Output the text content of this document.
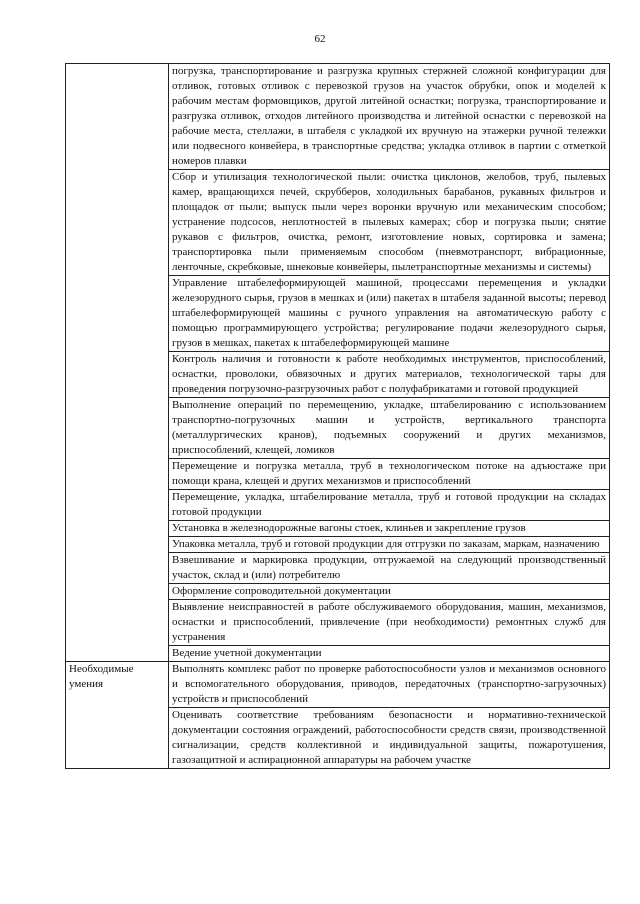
62

	погрузка, транспортирование и разгрузка крупных стержней сложной конфигурации для отливок, готовых отливок с перевозкой грузов на участок обрубки, опок и моделей к рабочим местам формовщиков, другой литейной оснастки; погрузка, транспортирование и разгрузка отливок, отходов литейного производства и литейной оснастки с перевозкой на рабочие места, стеллажи, в штабеля с укладкой их вручную на этажерки ручной тележки или подвесного конвейера, в транспортные средства; укладка отливок в партии с отметкой номеров плавки

	Сбор и утилизация технологической пыли: очистка циклонов, желобов, труб, пылевых камер, вращающихся печей, скрубберов, холодильных барабанов, рукавных фильтров и площадок от пыли; выпуск пыли через воронки вручную или механическим способом; устранение подсосов, неплотностей в пылевых камерах; сбор и погрузка пыли; снятие рукавов с фильтров, очистка, ремонт, изготовление новых, сортировка и замена; транспортировка пыли применяемым способом (пневмотранспорт, вибрационные, ленточные, скребковые, шнековые конвейеры, пылетранспортные механизмы и системы)

	Управление штабелеформирующей машиной, процессами перемещения и укладки железорудного сырья, грузов в мешках и (или) пакетах в штабеля заданной высоты; перевод штабелеформирующей машины с ручного управления на автоматическую работу с помощью программирующего устройства; регулирование подачи железорудного сырья, грузов в мешках, пакетах к штабелеформирующей машине

	Контроль наличия и готовности к работе необходимых инструментов, приспособлений, оснастки, проволоки, обвязочных и других материалов, технологической тары для проведения погрузочно-разгрузочных работ с полуфабрикатами и готовой продукцией

	Выполнение операций по перемещению, укладке, штабелированию с использованием транспортно-погрузочных машин и устройств, вертикального транспорта (металлургических кранов), подъемных сооружений и других механизмов, приспособлений, клещей, ломиков

	Перемещение и погрузка металла, труб в технологическом потоке на адъюстаже при помощи крана, клещей и других механизмов и приспособлений

	Перемещение, укладка, штабелирование металла, труб и готовой продукции на складах готовой продукции

	Установка в железнодорожные вагоны стоек, клиньев и закрепление грузов

	Упаковка металла, труб и готовой продукции для отгрузки по заказам, маркам, назначению

	Взвешивание и маркировка продукции, отгружаемой на следующий производственный участок, склад и (или) потребителю

	Оформление сопроводительной документации

	Выявление неисправностей в работе обслуживаемого оборудования, машин, механизмов, оснастки и приспособлений, привлечение (при необходимости) ремонтных служб для устранения

	Ведение учетной документации

Необходимые умения	Выполнять комплекс работ по проверке работоспособности узлов и механизмов основного и вспомогательного оборудования, приводов, передаточных (транспортно-загрузочных) устройств и приспособлений

	Оценивать соответствие требованиям безопасности и нормативно-технической документации состояния ограждений, работоспособности средств связи, производственной сигнализации, средств коллективной и индивидуальной защиты, пожаротушения, газозащитной и аспирационной аппаратуры на рабочем участке
